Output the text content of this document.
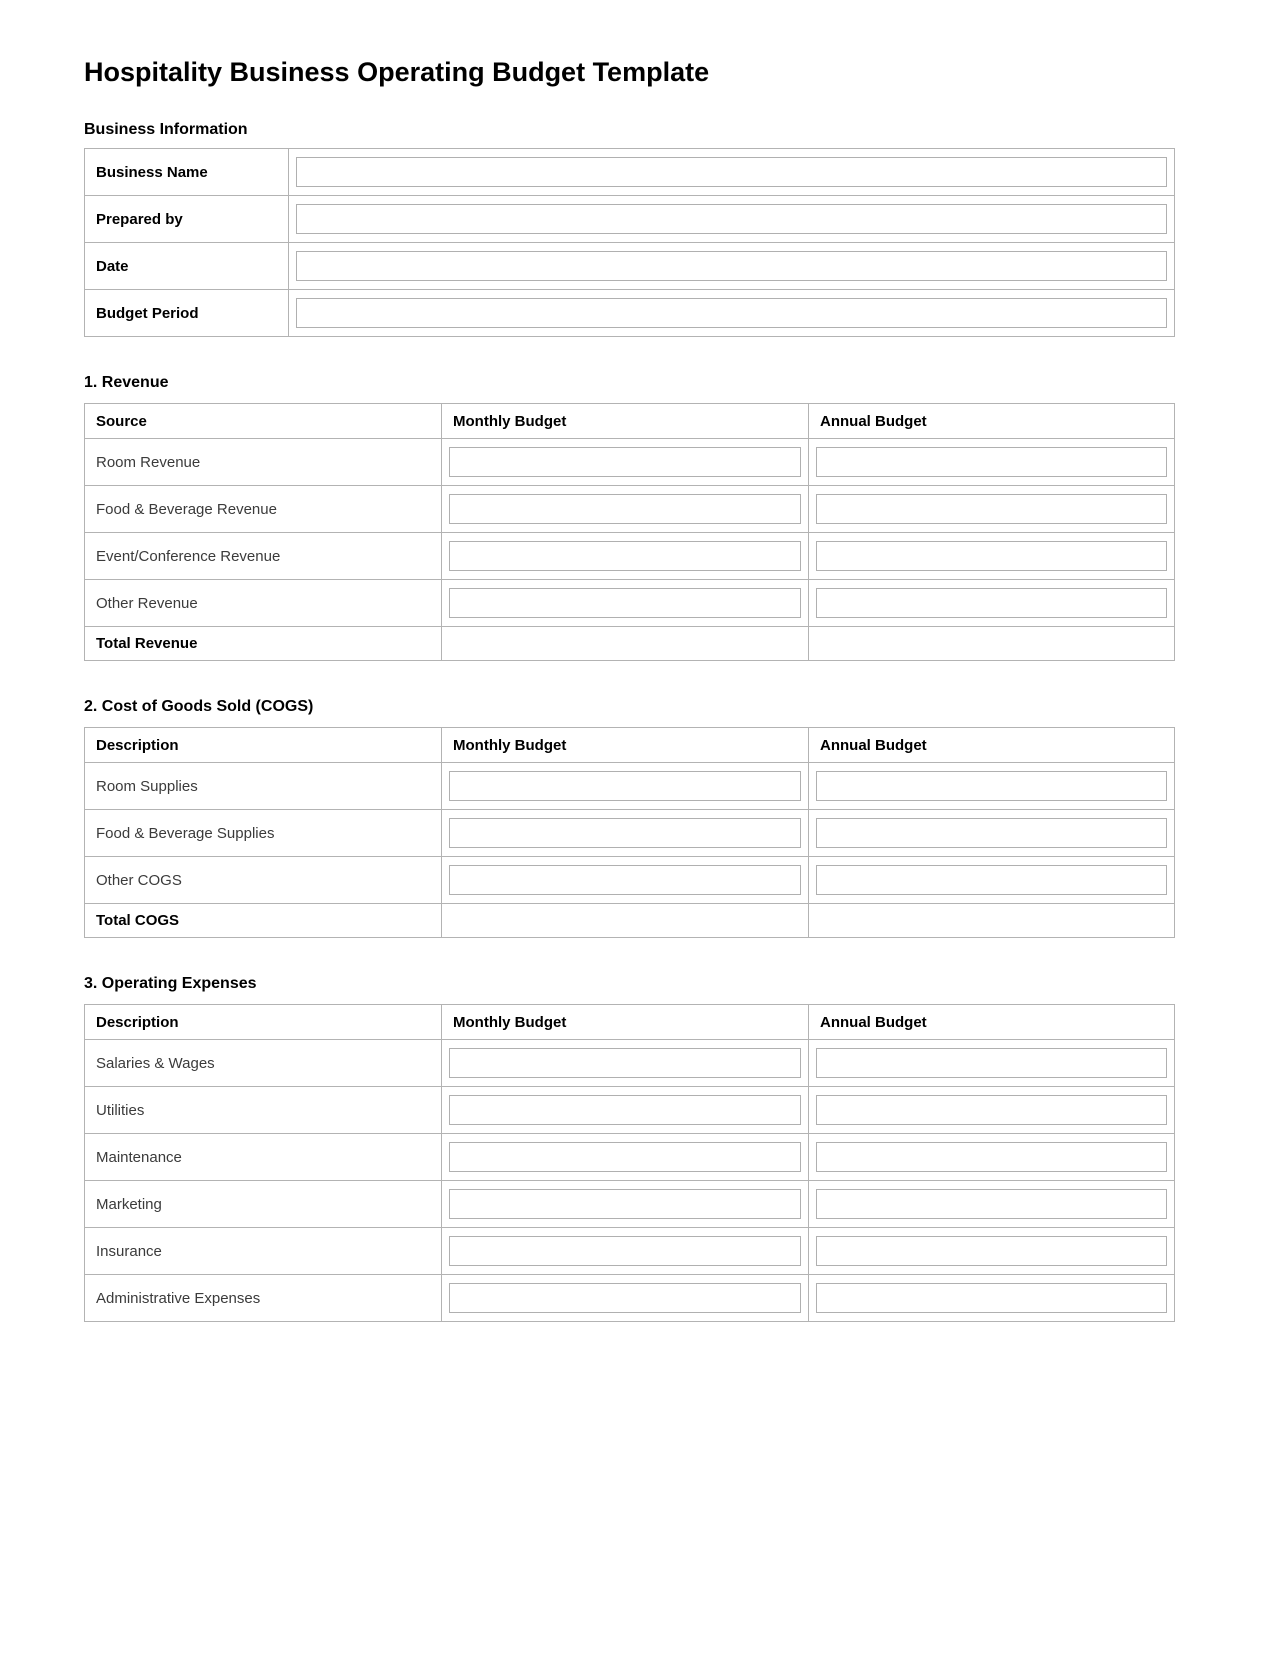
Hospitality Business Operating Budget Template
Business Information
Business Name	

Prepared by	

Date	

Budget Period	
1. Revenue
Source	Monthly Budget	Annual Budget
Room Revenue	

Food & Beverage Revenue	

Event/Conference Revenue	

Other Revenue	

Total Revenue		
2. Cost of Goods Sold (COGS)
Description	Monthly Budget	Annual Budget
Room Supplies	

Food & Beverage Supplies	

Other COGS	

Total COGS		
3. Operating Expenses
Description	Monthly Budget	Annual Budget
Salaries & Wages	

Utilities	

Maintenance	

Marketing	

Insurance	

Administrative Expenses	
